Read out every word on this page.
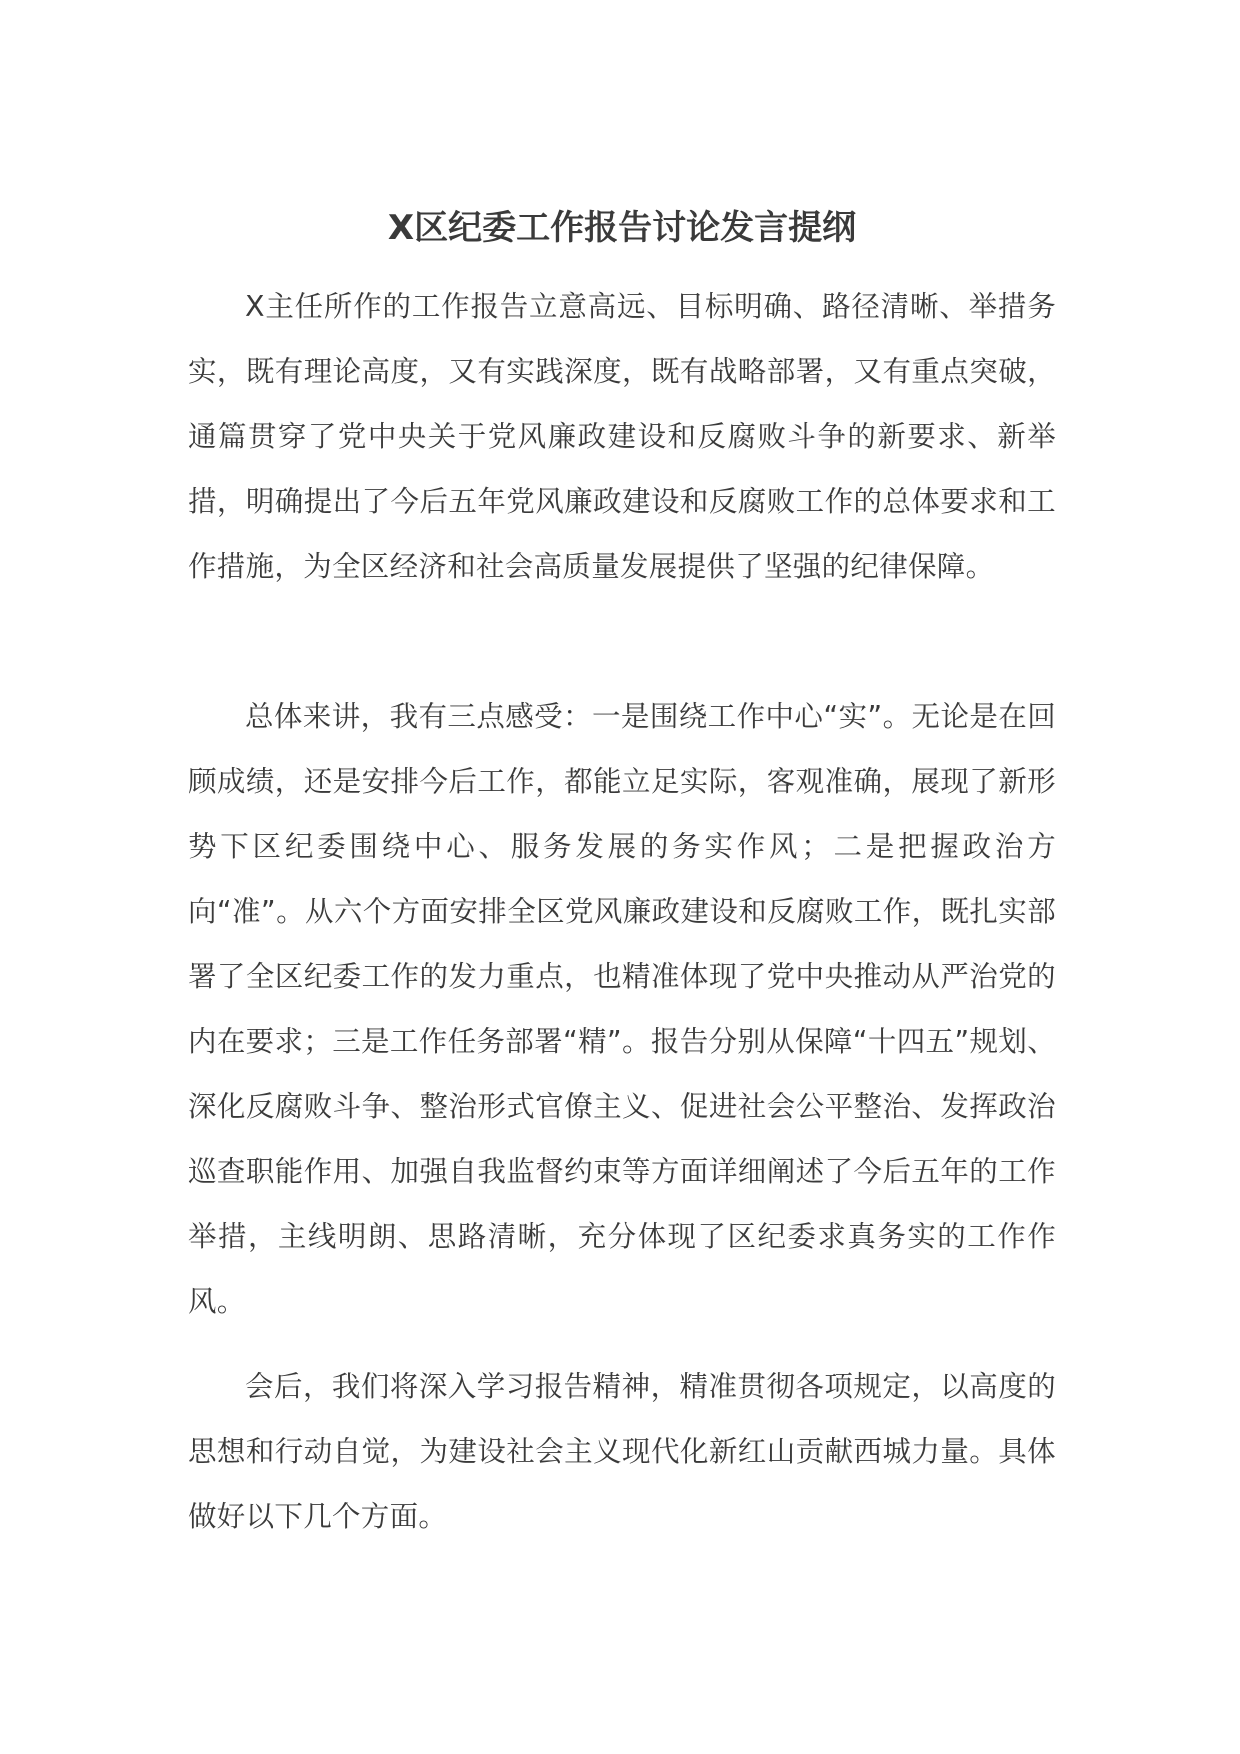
X区纪委工作报告讨论发言提纲

X主任所作的工作报告立意高远、目标明确、路径清晰、举措务实，既有理论高度，又有实践深度，既有战略部署，又有重点突破，通篇贯穿了党中央关于党风廉政建设和反腐败斗争的新要求、新举措，明确提出了今后五年党风廉政建设和反腐败工作的总体要求和工作措施，为全区经济和社会高质量发展提供了坚强的纪律保障。

总体来讲，我有三点感受：一是围绕工作中心“实”。无论是在回顾成绩，还是安排今后工作，都能立足实际，客观准确，展现了新形势下区纪委围绕中心、服务发展的务实作风；二是把握政治方向“准”。从六个方面安排全区党风廉政建设和反腐败工作，既扎实部署了全区纪委工作的发力重点，也精准体现了党中央推动从严治党的内在要求；三是工作任务部署“精”。报告分别从保障“十四五”规划、深化反腐败斗争、整治形式官僚主义、促进社会公平整治、发挥政治巡查职能作用、加强自我监督约束等方面详细阐述了今后五年的工作举措，主线明朗、思路清晰，充分体现了区纪委求真务实的工作作风。

会后，我们将深入学习报告精神，精准贯彻各项规定，以高度的思想和行动自觉，为建设社会主义现代化新红山贡献西城力量。具体做好以下几个方面。
